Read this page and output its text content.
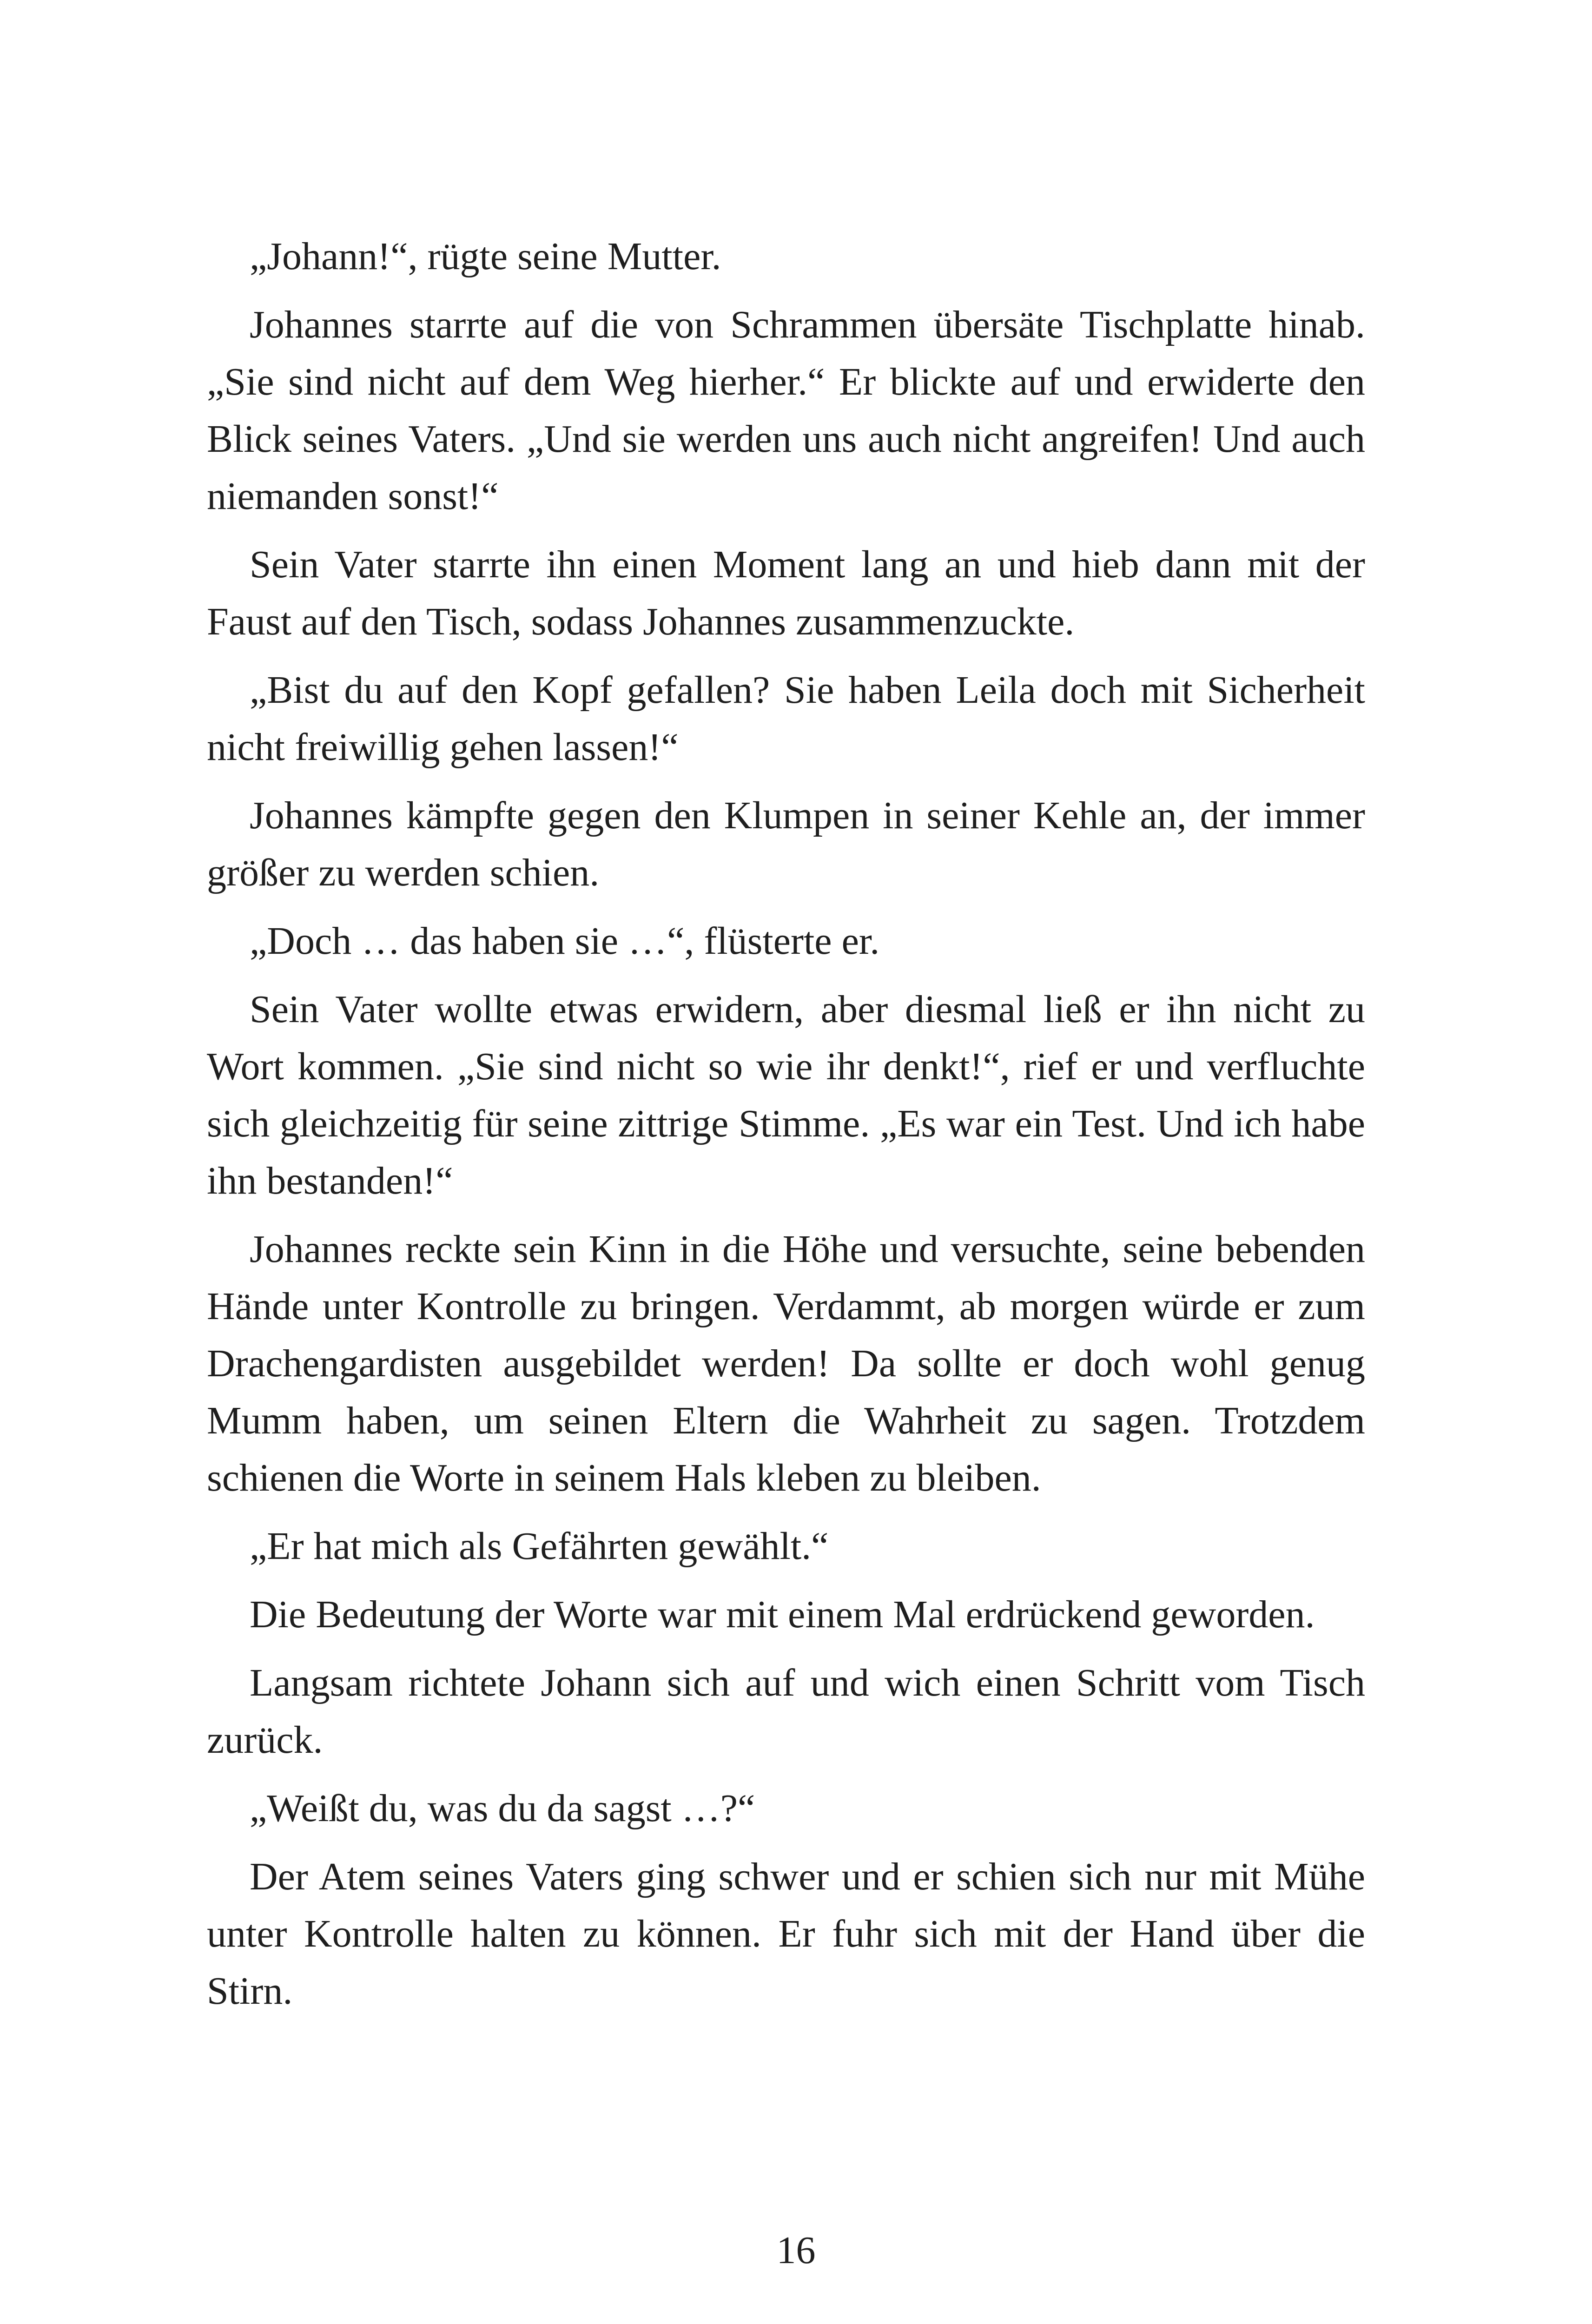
„Johann!“, rügte seine Mutter.

Johannes starrte auf die von Schrammen übersäte Tischplatte hinab. „Sie sind nicht auf dem Weg hierher.“ Er blickte auf und erwiderte den Blick seines Vaters. „Und sie werden uns auch nicht angreifen! Und auch niemanden sonst!“

Sein Vater starrte ihn einen Moment lang an und hieb dann mit der Faust auf den Tisch, sodass Johannes zusammenzuckte.

„Bist du auf den Kopf gefallen? Sie haben Leila doch mit Sicherheit nicht freiwillig gehen lassen!“

Johannes kämpfte gegen den Klumpen in seiner Kehle an, der immer größer zu werden schien.

„Doch … das haben sie …“, flüsterte er.

Sein Vater wollte etwas erwidern, aber diesmal ließ er ihn nicht zu Wort kommen. „Sie sind nicht so wie ihr denkt!“, rief er und verfluchte sich gleichzeitig für seine zittrige Stimme. „Es war ein Test. Und ich habe ihn bestanden!“

Johannes reckte sein Kinn in die Höhe und versuchte, seine bebenden Hände unter Kontrolle zu bringen. Verdammt, ab morgen würde er zum Drachengardisten ausgebildet werden! Da sollte er doch wohl genug Mumm haben, um seinen Eltern die Wahrheit zu sagen. Trotzdem schienen die Worte in seinem Hals kleben zu bleiben.

„Er hat mich als Gefährten gewählt.“

Die Bedeutung der Worte war mit einem Mal erdrückend geworden.

Langsam richtete Johann sich auf und wich einen Schritt vom Tisch zurück.

„Weißt du, was du da sagst …?“

Der Atem seines Vaters ging schwer und er schien sich nur mit Mühe unter Kontrolle halten zu können. Er fuhr sich mit der Hand über die Stirn.

16
